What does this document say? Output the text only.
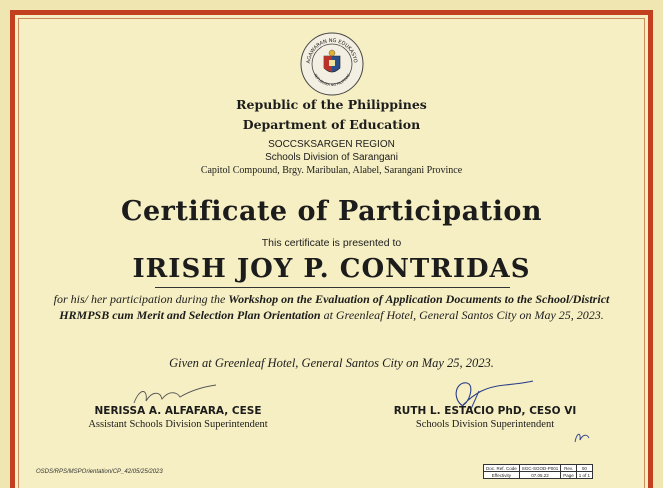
AGAWARAN NG EDUKASYO
REPUBLIKA NG PILIPINAS
Republic of the Philippines
Department of Education
SOCCSKSARGEN REGION
Schools Division of Sarangani
Capitol Compound, Brgy. Maribulan, Alabel, Sarangani Province
Certificate of Participation
This certificate is presented to
IRISH JOY P. CONTRIDAS
for his/ her participation during the Workshop on the Evaluation of Application Documents to the School/District HRMPSB cum Merit and Selection Plan Orientation at Greenleaf Hotel, General Santos City on May 25, 2023.
Given at Greenleaf Hotel, General Santos City on May 25, 2023.
NERISSA A. ALFAFARA, CESE
Assistant Schools Division Superintendent
RUTH L. ESTACIO PhD, CESO VI
Schools Division Superintendent
OSDS/RPS/MSPOrientation/CP_42/05/25/2023
Doc. Ref. Code	SGC-SGOD-P001	Rev.	00
Effectivity	07.05.22	Page	1 of 1
